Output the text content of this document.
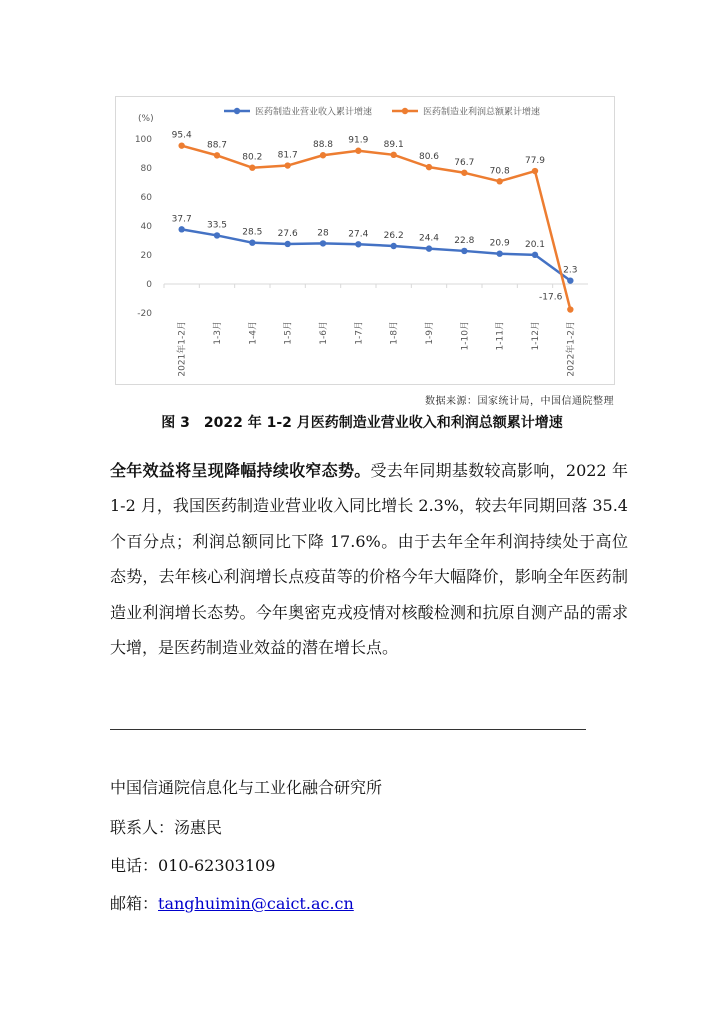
(%)
100
80
60
40
20
0
-20
2021年1-2月	1-3月	1-4月	1-5月	1-6月	1-7月	1-8月	1-9月	1-10月	1-11月	1-12月	2022年1-2月
医药制造业营业收入累计增速	医药制造业利润总额累计增速
37.7
33.5
28.5 27.6 28 27.4 26.2 24.4 22.8 20.9 20.1
2.3
95.4
88.7
80.2 81.7
88.8 91.9 89.1
80.6
76.7
70.8
77.9
-17.6
数据来源：国家统计局，中国信通院整理
图 3　2022 年 1-2 月医药制造业营业收入和利润总额累计增速
全年效益将呈现降幅持续收窄态势。受去年同期基数较高影响，2022 年 1-2 月，我国医药制造业营业收入同比增长 2.3%，较去年同期回落 35.4 个百分点；利润总额同比下降 17.6%。由于去年全年利润持续处于高位态势，去年核心利润增长点疫苗等的价格今年大幅降价，影响全年医药制造业利润增长态势。今年奥密克戎疫情对核酸检测和抗原自测产品的需求大增，是医药制造业效益的潜在增长点。
中国信通院信息化与工业化融合研究所
联系人：汤惠民
电话：010-62303109
邮箱：tanghuimin@caict.ac.cn
